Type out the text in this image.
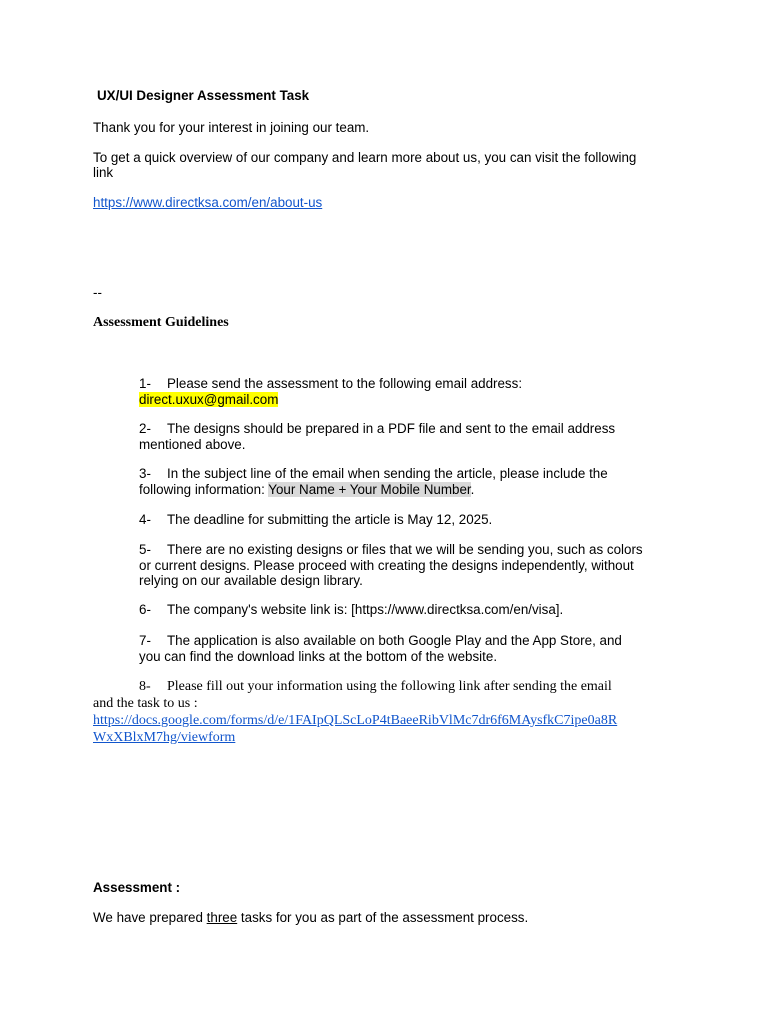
UX/UI Designer Assessment Task
Thank you for your interest in joining our team.
To get a quick overview of our company and learn more about us, you can visit the following
link
https://www.directksa.com/en/about-us
--
Assessment Guidelines
1- Please send the assessment to the following email address:
direct.uxux@gmail.com
2- The designs should be prepared in a PDF file and sent to the email address
mentioned above.
3- In the subject line of the email when sending the article, please include the
following information: Your Name + Your Mobile Number.
4- The deadline for submitting the article is May 12, 2025.
5- There are no existing designs or files that we will be sending you, such as colors
or current designs. Please proceed with creating the designs independently, without
relying on our available design library.
6- The company's website link is: [https://www.directksa.com/en/visa].
7- The application is also available on both Google Play and the App Store, and
you can find the download links at the bottom of the website.
8- Please fill out your information using the following link after sending the email
and the task to us :
https://docs.google.com/forms/d/e/1FAIpQLScLoP4tBaeeRibVlMc7dr6f6MAysfkC7ipe0a8R
WxXBlxM7hg/viewform
Assessment :
We have prepared three tasks for you as part of the assessment process.
